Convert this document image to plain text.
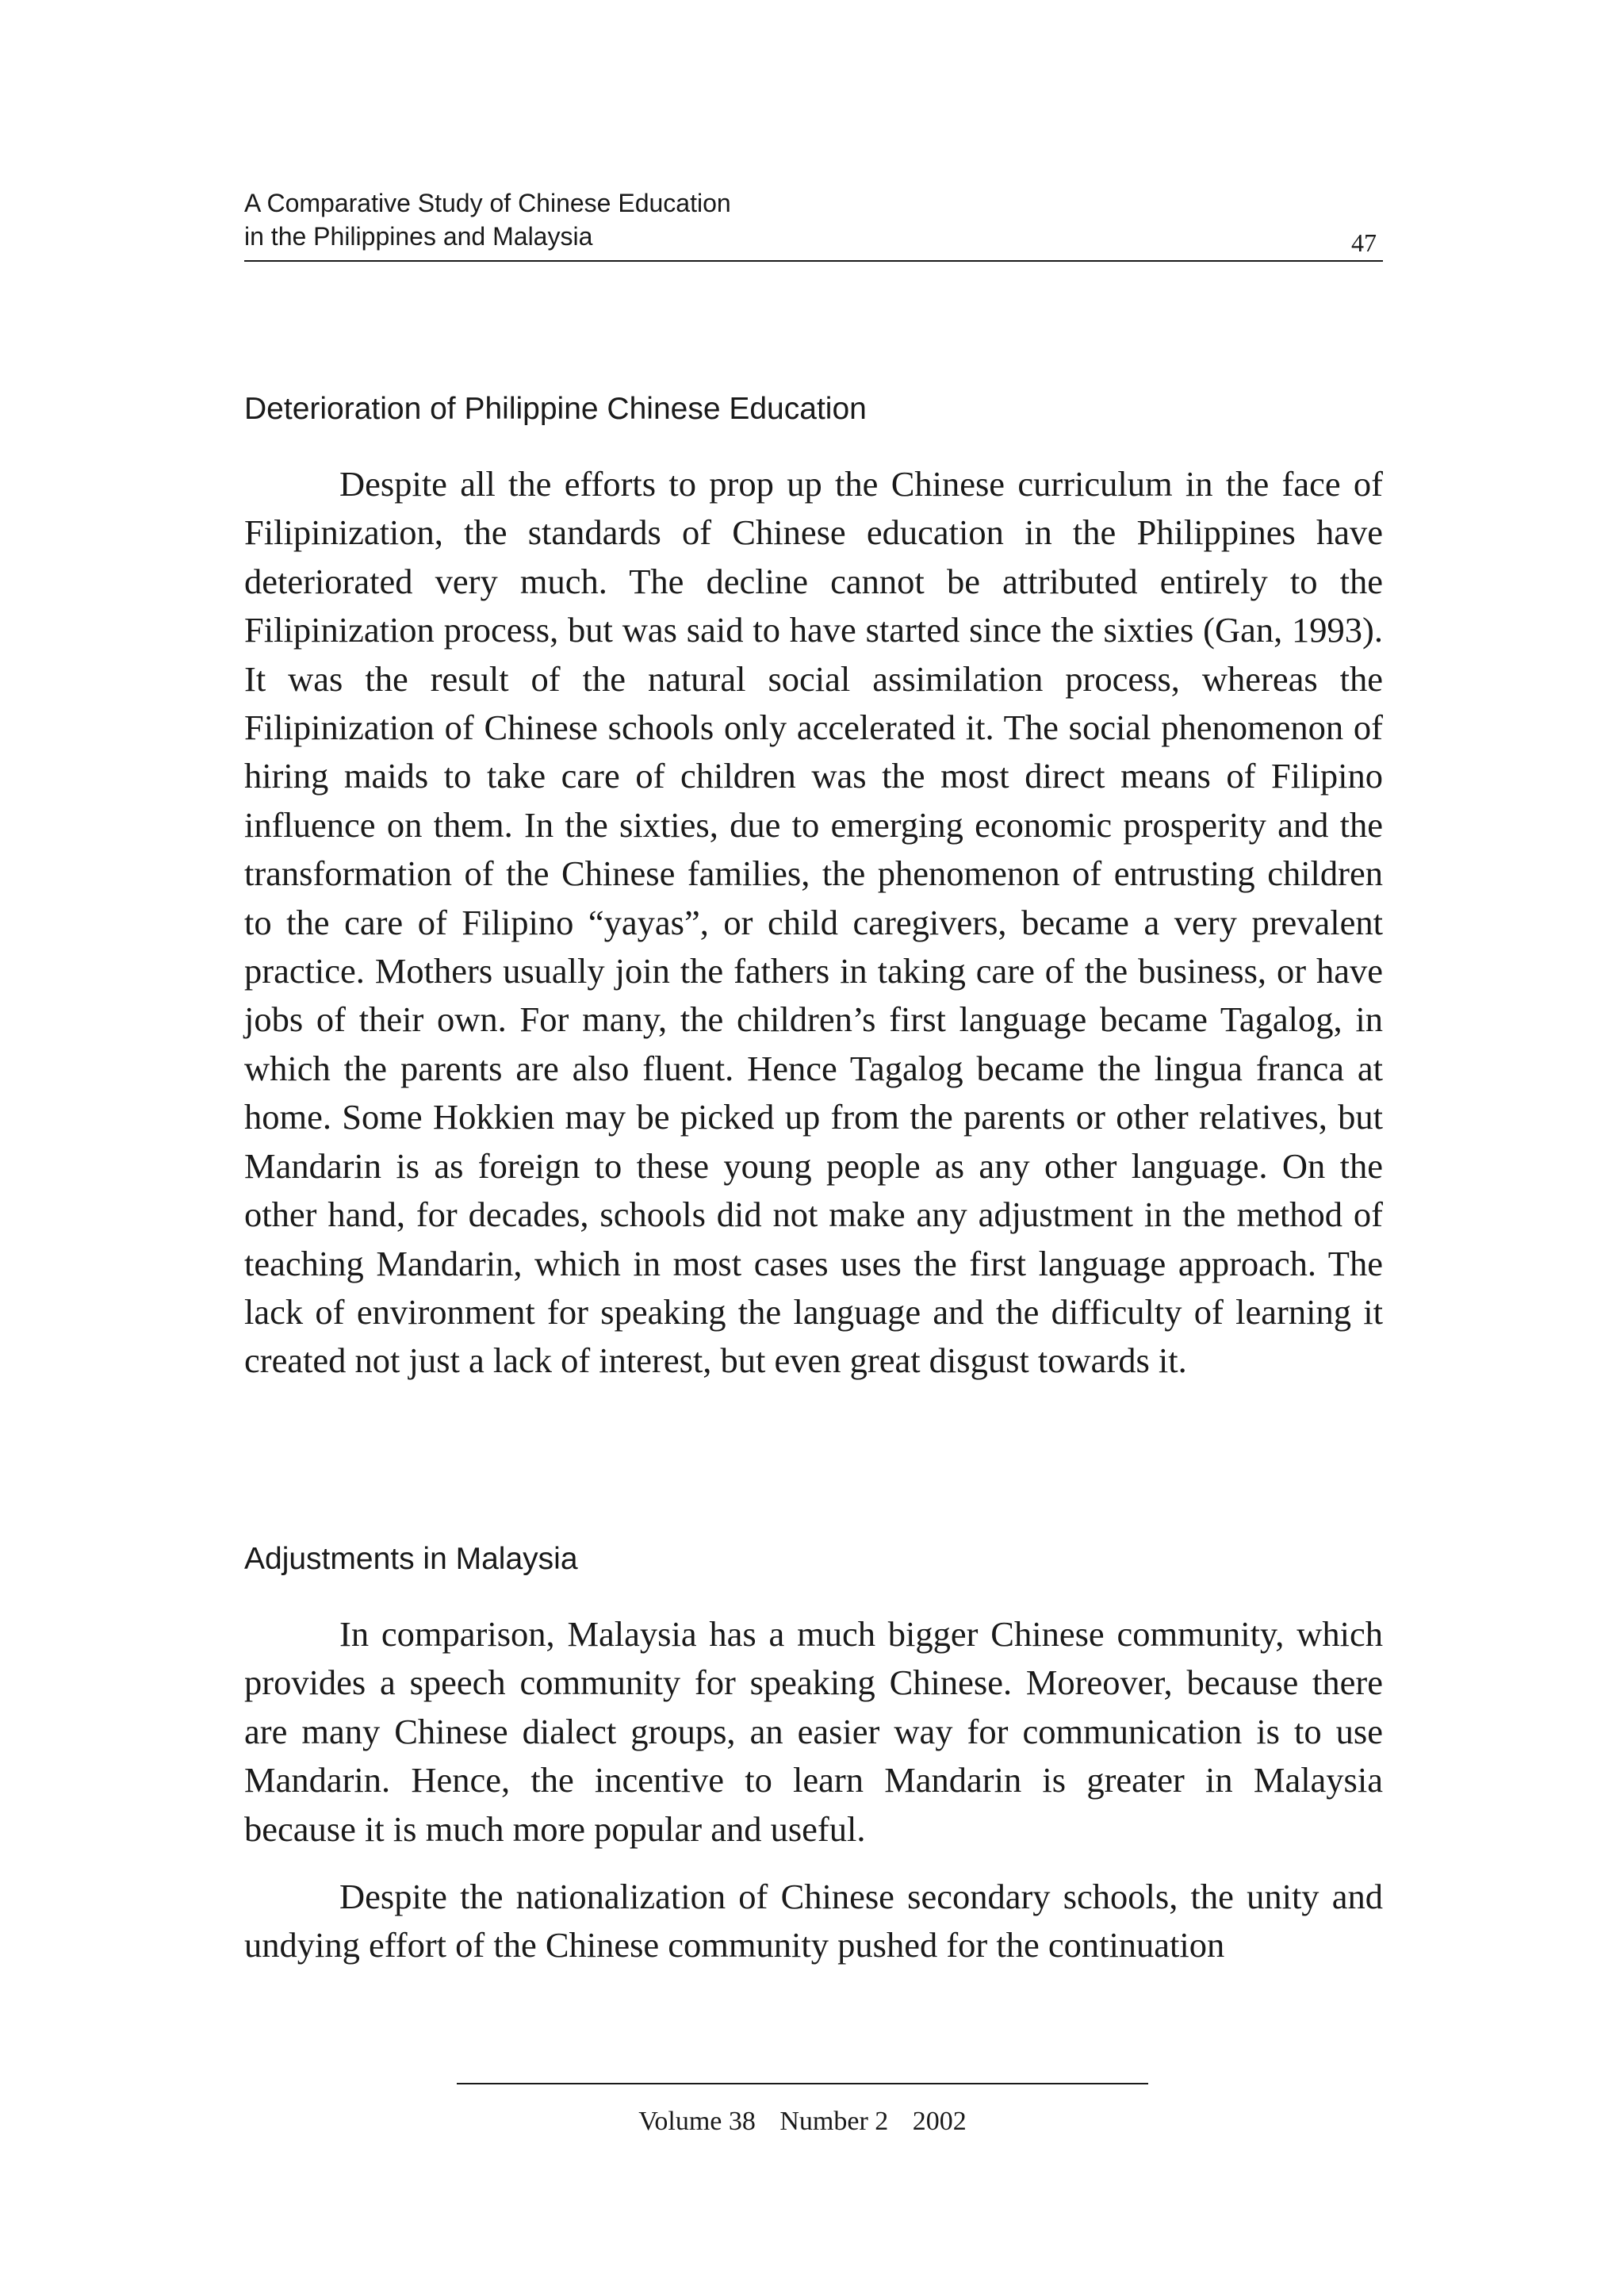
A Comparative Study of Chinese Education
in the Philippines and Malaysia	47
Deterioration of Philippine Chinese Education

Despite all the efforts to prop up the Chinese curriculum in the face of Filipinization, the standards of Chinese education in the Philippines have deteriorated very much. The decline cannot be attributed entirely to the Filipinization process, but was said to have started since the sixties (Gan, 1993). It was the result of the natural social assimilation process, whereas the Filipinization of Chinese schools only accelerated it. The social phenomenon of hiring maids to take care of children was the most direct means of Filipino influence on them. In the sixties, due to emerging economic prosperity and the transformation of the Chinese families, the phenomenon of entrusting children to the care of Filipino “yayas”, or child caregivers, became a very prevalent practice. Mothers usually join the fathers in taking care of the business, or have jobs of their own. For many, the children’s first language became Tagalog, in which the parents are also fluent. Hence Tagalog became the lingua franca at home. Some Hokkien may be picked up from the parents or other relatives, but Mandarin is as foreign to these young people as any other language. On the other hand, for decades, schools did not make any adjustment in the method of teaching Mandarin, which in most cases uses the first language approach. The lack of environment for speaking the language and the difficulty of learning it created not just a lack of interest, but even great disgust towards it.

Adjustments in Malaysia

In comparison, Malaysia has a much bigger Chinese community, which provides a speech community for speaking Chinese. Moreover, because there are many Chinese dialect groups, an easier way for communication is to use Mandarin. Hence, the incentive to learn Mandarin is greater in Malaysia because it is much more popular and useful.

Despite the nationalization of Chinese secondary schools, the unity and undying effort of the Chinese community pushed for the continuation

Volume 38 Number 2 2002
